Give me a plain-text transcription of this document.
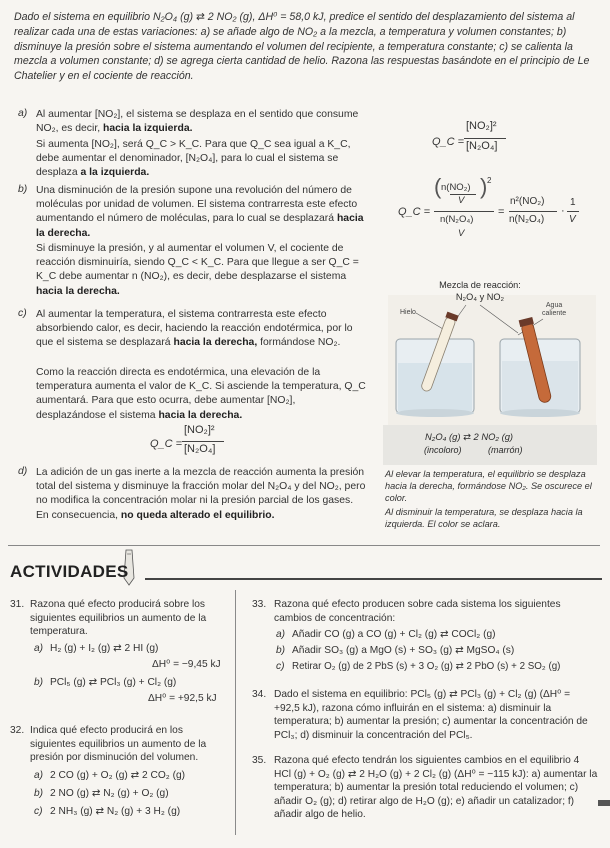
Dado el sistema en equilibrio N₂O₄ (g) ⇄ 2 NO₂ (g), ΔH⁰ = 58,0 kJ, predice el sentido del desplazamiento del sistema al realizar cada una de estas variaciones: a) se añade algo de NO₂ a la mezcla, a temperatura y volumen constantes; b) disminuye la presión sobre el sistema aumentando el volumen del recipiente, a temperatura constante; c) se calienta la mezcla a volumen constante; d) se agrega cierta cantidad de helio. Razona las respuestas basándote en el principio de Le Chatelier y en el cociente de reacción.

a) Al aumentar [NO₂], el sistema se desplaza en el sentido que consume NO₂, es decir, hacia la izquierda.

Si aumenta [NO₂], será Q_C > K_C. Para que Q_C sea igual a K_C, debe aumentar el denominador, [N₂O₄], para lo cual el sistema se desplaza a la izquierda.

Q_C =
[NO₂]²
[N₂O₄]
b) Una disminución de la presión supone una revolución del número de moléculas por unidad de volumen. El sistema contrarresta este efecto aumentando el número de moléculas, para lo cual se desplazará hacia la derecha.

Si disminuye la presión, y al aumentar el volumen V, el cociente de reacción disminuiría, siendo Q_C < K_C. Para que llegue a ser Q_C = K_C debe aumentar n (NO₂), es decir, debe desplazarse el sistema hacia la derecha.

Q_C =
( n(NO₂)
V
) 2
n(N₂O₄)
V
=
n²(NO₂)
n(N₂O₄)
·
1
V
c) Al aumentar la temperatura, el sistema contrarresta este efecto absorbiendo calor, es decir, haciendo la reacción endotérmica, por lo que el sistema se desplazará hacia la derecha, formándose NO₂.

Como la reacción directa es endotérmica, una elevación de la temperatura aumenta el valor de K_C. Si asciende la temperatura, Q_C aumentará. Para que esto ocurra, debe aumentar [NO₂], desplazándose el sistema hacia la derecha.

Q_C =
[NO₂]²
[N₂O₄]
d) La adición de un gas inerte a la mezcla de reacción aumenta la presión total del sistema y disminuye la fracción molar del N₂O₄ y del NO₂, pero no modifica la concentración molar ni la presión parcial de los gases. En consecuencia, no queda alterado el equilibrio.

Mezcla de reacción:
N₂O₄ y NO₂
Hielo
Agua
caliente
N₂O₄ (g) ⇄ 2 NO₂ (g)
(incoloro)	(marrón)

Al elevar la temperatura, el equilibrio se desplaza hacia la derecha, formándose NO₂. Se oscurece el color.

Al disminuir la temperatura, se desplaza hacia la izquierda. El color se aclara.

ACTIVIDADES
31. Razona qué efecto producirá sobre los siguientes equilibrios un aumento de la temperatura.

a) H₂ (g) + I₂ (g) ⇄ 2 HI (g)
ΔH⁰ = −9,45 kJ
b) PCl₅ (g) ⇄ PCl₃ (g) + Cl₂ (g)
ΔH⁰ = +92,5 kJ
32. Indica qué efecto producirá en los siguientes equilibrios un aumento de la presión por disminución del volumen.

a) 2 CO (g) + O₂ (g) ⇄ 2 CO₂ (g)
b) 2 NO (g) ⇄ N₂ (g) + O₂ (g)
c) 2 NH₃ (g) ⇄ N₂ (g) + 3 H₂ (g)
33. Razona qué efecto producen sobre cada sistema los siguientes cambios de concentración:

a) Añadir CO (g) a CO (g) + Cl₂ (g) ⇄ COCl₂ (g)
b) Añadir SO₃ (g) a MgO (s) + SO₃ (g) ⇄ MgSO₄ (s)
c) Retirar O₂ (g) de 2 PbS (s) + 3 O₂ (g) ⇄ 2 PbO (s) + 2 SO₂ (g)
34. Dado el sistema en equilibrio: PCl₅ (g) ⇄ PCl₃ (g) + Cl₂ (g) (ΔH⁰ = +92,5 kJ), razona cómo influirán en el sistema: a) disminuir la temperatura; b) aumentar la presión; c) aumentar la concentración de PCl₃; d) disminuir la concentración del PCl₅.

35. Razona qué efecto tendrán los siguientes cambios en el equilibrio 4 HCl (g) + O₂ (g) ⇄ 2 H₂O (g) + 2 Cl₂ (g) (ΔH⁰ = −115 kJ): a) aumentar la temperatura; b) aumentar la presión total reduciendo el volumen; c) añadir O₂ (g); d) retirar algo de H₂O (g); e) añadir un catalizador; f) añadir algo de helio.
